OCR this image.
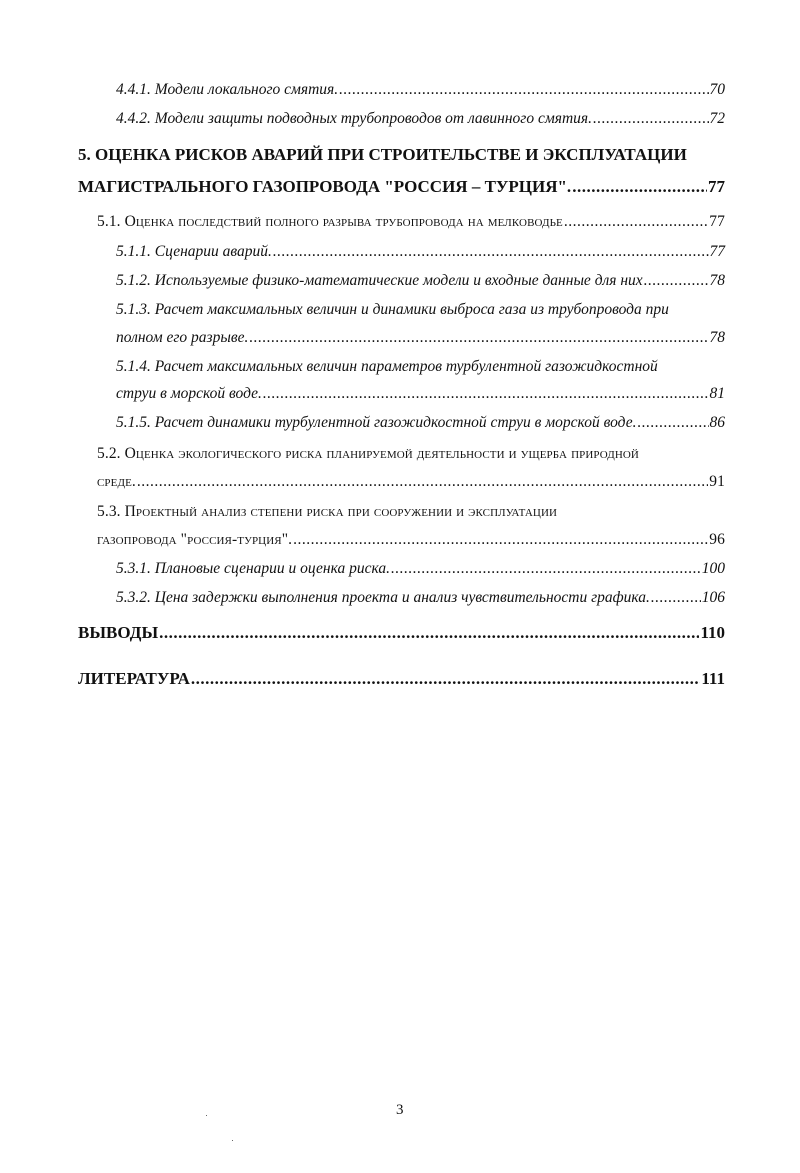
4.4.1. Модели локального смятия. .....	70
4.4.2. Модели защиты подводных трубопроводов от лавинного смятия. .....	72
5. ОЦЕНКА РИСКОВ АВАРИЙ ПРИ СТРОИТЕЛЬСТВЕ И ЭКСПЛУАТАЦИИ
МАГИСТРАЛЬНОГО ГАЗОПРОВОДА "РОССИЯ – ТУРЦИЯ". .....	77
5.1. Оценка последствий полного разрыва трубопровода на мелководье .....	77
5.1.1. Сценарии аварий. .....	77
5.1.2. Используемые физико-математические модели и входные данные для них .....	78
5.1.3. Расчет максимальных величин и динамики выброса газа из трубопровода при
полном его разрыве. .....	78
5.1.4. Расчет максимальных величин параметров турбулентной газожидкостной
струи в морской воде. .....	81
5.1.5. Расчет динамики турбулентной газожидкостной струи в морской воде. .....	86
5.2. Оценка экологического риска планируемой деятельности и ущерба природной
среде. .....	91
5.3. Проектный анализ степени риска при сооружении и эксплуатации
газопровода "россия-турция". .....	96
5.3.1. Плановые сценарии и оценка риска. .....	100
5.3.2. Цена задержки выполнения проекта и анализ чувствительности графика. .....	106
ВЫВОДЫ .....	110
ЛИТЕРАТУРА .....	111
3
